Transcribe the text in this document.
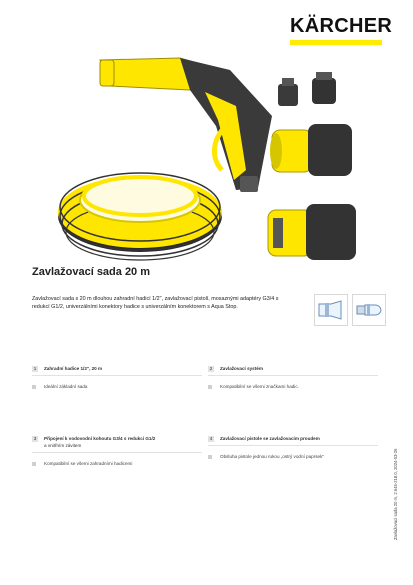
KÄRCHER
Zavlažovací sada 20 m
Zavlažovací sada s 20 m dlouhou zahradní hadicí 1/2", zavlažovací pistolí, mosaznými adaptéry G3/4 s redukcí G1/2, univerzálními konektory hadice s univerzálním konektorem s Aqua Stop.
1	Zahradní hadice 1/2", 20 m
Ideální základní sada
2	Zavlažovací systém
Kompatibilní se všemi značkami hadic.
3	Připojení k vodovodní kohoutu G3/4 s redukcí G1/2
a vnitřním závitem
Kompatibilní se všemi zahradními hadicemi
4	Zavlažovací pistole se zavlažovacím proudem
Obsluha pistole jednou rukou „ostrý vodní paprsek“	Zavlažovací sada 20 m, 2.645-218.0, 2024-03-26
